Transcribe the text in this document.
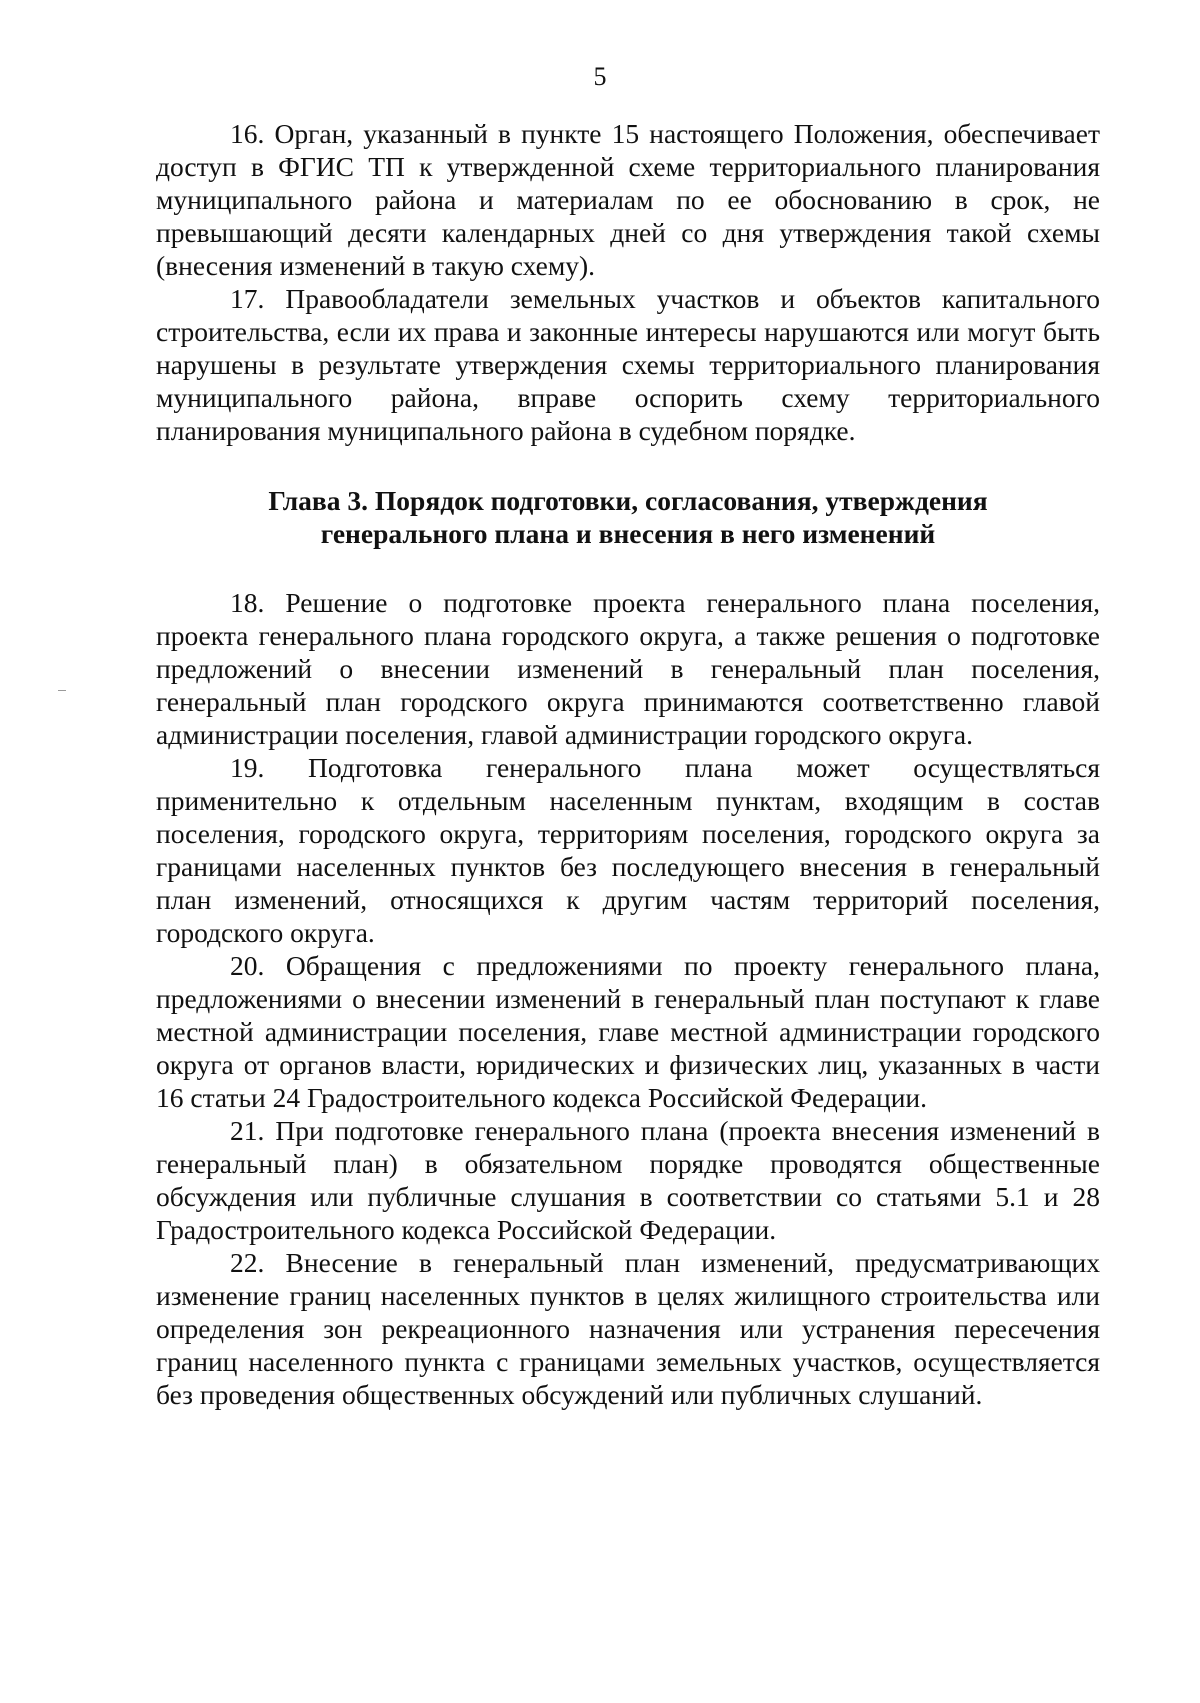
5

16. Орган, указанный в пункте 15 настоящего Положения, обеспечивает доступ в ФГИС ТП к утвержденной схеме территориального планирования муниципального района и материалам по ее обоснованию в срок, не превышающий десяти календарных дней со дня утверждения такой схемы (внесения изменений в такую схему).

17. Правообладатели земельных участков и объектов капитального строительства, если их права и законные интересы нарушаются или могут быть нарушены в результате утверждения схемы территориального планирования муниципального района, вправе оспорить схему территориального планирования муниципального района в судебном порядке.

Глава 3. Порядок подготовки, согласования, утверждения
генерального плана и внесения в него изменений

18. Решение о подготовке проекта генерального плана поселения, проекта генерального плана городского округа, а также решения о подготовке предложений о внесении изменений в генеральный план поселения, генеральный план городского округа принимаются соответственно главой администрации поселения, главой администрации городского округа.

19. Подготовка генерального плана может осуществляться применительно к отдельным населенным пунктам, входящим в состав поселения, городского округа, территориям поселения, городского округа за границами населенных пунктов без последующего внесения в генеральный план изменений, относящихся к другим частям территорий поселения, городского округа.

20. Обращения с предложениями по проекту генерального плана, предложениями о внесении изменений в генеральный план поступают к главе местной администрации поселения, главе местной администрации городского округа от органов власти, юридических и физических лиц, указанных в части 16 статьи 24 Градостроительного кодекса Российской Федерации.

21. При подготовке генерального плана (проекта внесения изменений в генеральный план) в обязательном порядке проводятся общественные обсуждения или публичные слушания в соответствии со статьями 5.1 и 28 Градостроительного кодекса Российской Федерации.

22. Внесение в генеральный план изменений, предусматривающих изменение границ населенных пунктов в целях жилищного строительства или определения зон рекреационного назначения или устранения пересечения границ населенного пункта с границами земельных участков, осуществляется без проведения общественных обсуждений или публичных слушаний.
